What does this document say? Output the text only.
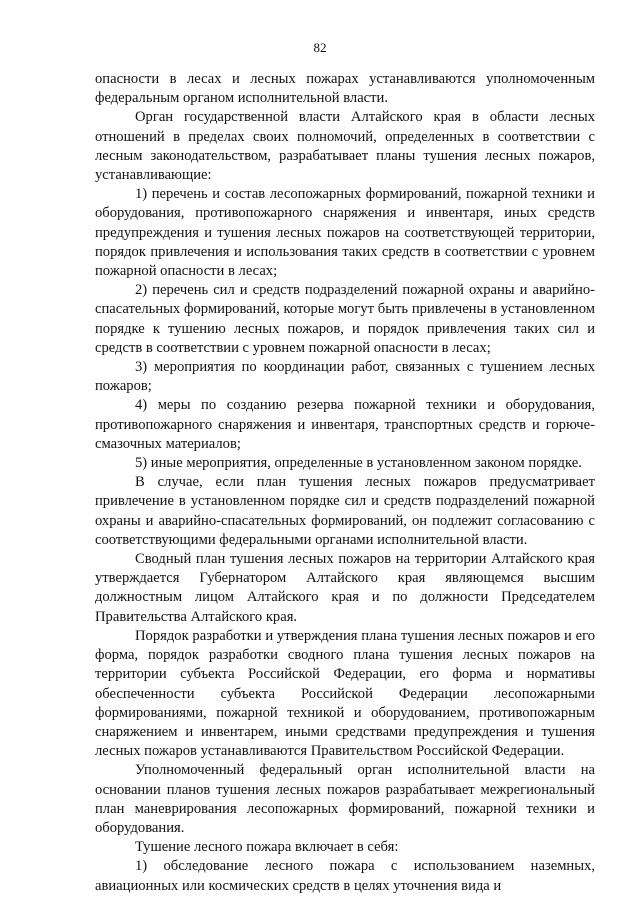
82

опасности в лесах и лесных пожарах устанавливаются уполномоченным федеральным органом исполнительной власти.

Орган государственной власти Алтайского края в области лесных отношений в пределах своих полномочий, определенных в соответствии с лесным законодательством, разрабатывает планы тушения лесных пожаров, устанавливающие:

1) перечень и состав лесопожарных формирований, пожарной техники и оборудования, противопожарного снаряжения и инвентаря, иных средств предупреждения и тушения лесных пожаров на соответствующей территории, порядок привлечения и использования таких средств в соответствии с уровнем пожарной опасности в лесах;

2) перечень сил и средств подразделений пожарной охраны и аварийно-спасательных формирований, которые могут быть привлечены в установленном порядке к тушению лесных пожаров, и порядок привлечения таких сил и средств в соответствии с уровнем пожарной опасности в лесах;

3) мероприятия по координации работ, связанных с тушением лесных пожаров;

4) меры по созданию резерва пожарной техники и оборудования, противопожарного снаряжения и инвентаря, транспортных средств и горюче-смазочных материалов;

5) иные мероприятия, определенные в установленном законом порядке.

В случае, если план тушения лесных пожаров предусматривает привлечение в установленном порядке сил и средств подразделений пожарной охраны и аварийно-спасательных формирований, он подлежит согласованию с соответствующими федеральными органами исполнительной власти.

Сводный план тушения лесных пожаров на территории Алтайского края утверждается Губернатором Алтайского края являющемся высшим должностным лицом Алтайского края и по должности Председателем Правительства Алтайского края.

Порядок разработки и утверждения плана тушения лесных пожаров и его форма, порядок разработки сводного плана тушения лесных пожаров на территории субъекта Российской Федерации, его форма и нормативы обеспеченности субъекта Российской Федерации лесопожарными формированиями, пожарной техникой и оборудованием, противопожарным снаряжением и инвентарем, иными средствами предупреждения и тушения лесных пожаров устанавливаются Правительством Российской Федерации.

Уполномоченный федеральный орган исполнительной власти на основании планов тушения лесных пожаров разрабатывает межрегиональный план маневрирования лесопожарных формирований, пожарной техники и оборудования.

Тушение лесного пожара включает в себя:

1) обследование лесного пожара с использованием наземных, авиационных или космических средств в целях уточнения вида и
